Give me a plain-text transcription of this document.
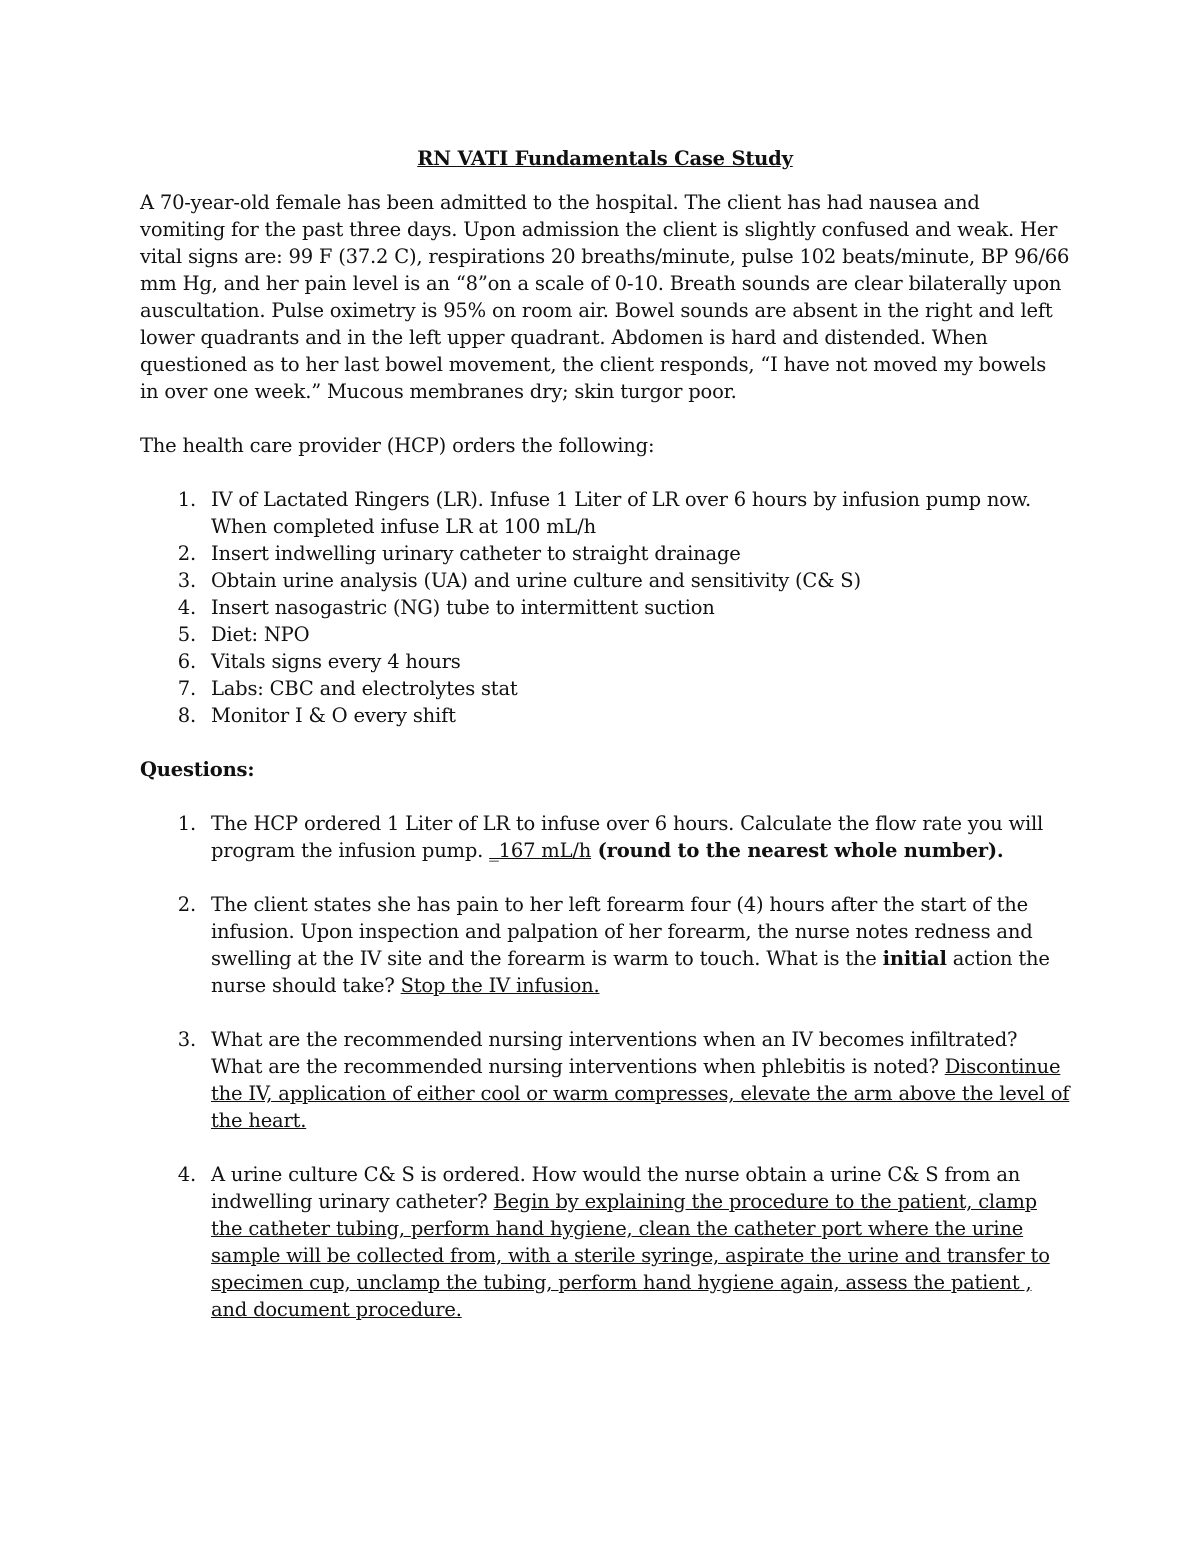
RN VATI Fundamentals Case Study

A 70-year-old female has been admitted to the hospital. The client has had nausea and vomiting for the past three days. Upon admission the client is slightly confused and weak. Her vital signs are: 99 F (37.2 C), respirations 20 breaths/minute, pulse 102 beats/minute, BP 96/66 mm Hg, and her pain level is an “8”on a scale of 0-10. Breath sounds are clear bilaterally upon auscultation. Pulse oximetry is 95% on room air. Bowel sounds are absent in the right and left lower quadrants and in the left upper quadrant. Abdomen is hard and distended. When questioned as to her last bowel movement, the client responds, “I have not moved my bowels in over one week.” Mucous membranes dry; skin turgor poor.

The health care provider (HCP) orders the following:

1. IV of Lactated Ringers (LR). Infuse 1 Liter of LR over 6 hours by infusion pump now. When completed infuse LR at 100 mL/h
2. Insert indwelling urinary catheter to straight drainage
3. Obtain urine analysis (UA) and urine culture and sensitivity (C& S)
4. Insert nasogastric (NG) tube to intermittent suction
5. Diet: NPO
6. Vitals signs every 4 hours
7. Labs: CBC and electrolytes stat
8. Monitor I & O every shift

Questions:

1. The HCP ordered 1 Liter of LR to infuse over 6 hours. Calculate the flow rate you will program the infusion pump. _167 mL/h (round to the nearest whole number).
2. The client states she has pain to her left forearm four (4) hours after the start of the infusion. Upon inspection and palpation of her forearm, the nurse notes redness and swelling at the IV site and the forearm is warm to touch. What is the initial action the nurse should take? Stop the IV infusion.
3. What are the recommended nursing interventions when an IV becomes infiltrated? What are the recommended nursing interventions when phlebitis is noted? Discontinue the IV, application of either cool or warm compresses, elevate the arm above the level of the heart.
4. A urine culture C& S is ordered. How would the nurse obtain a urine C& S from an indwelling urinary catheter? Begin by explaining the procedure to the patient, clamp the catheter tubing, perform hand hygiene, clean the catheter port where the urine sample will be collected from, with a sterile syringe, aspirate the urine and transfer to specimen cup, unclamp the tubing, perform hand hygiene again, assess the patient , and document procedure.
